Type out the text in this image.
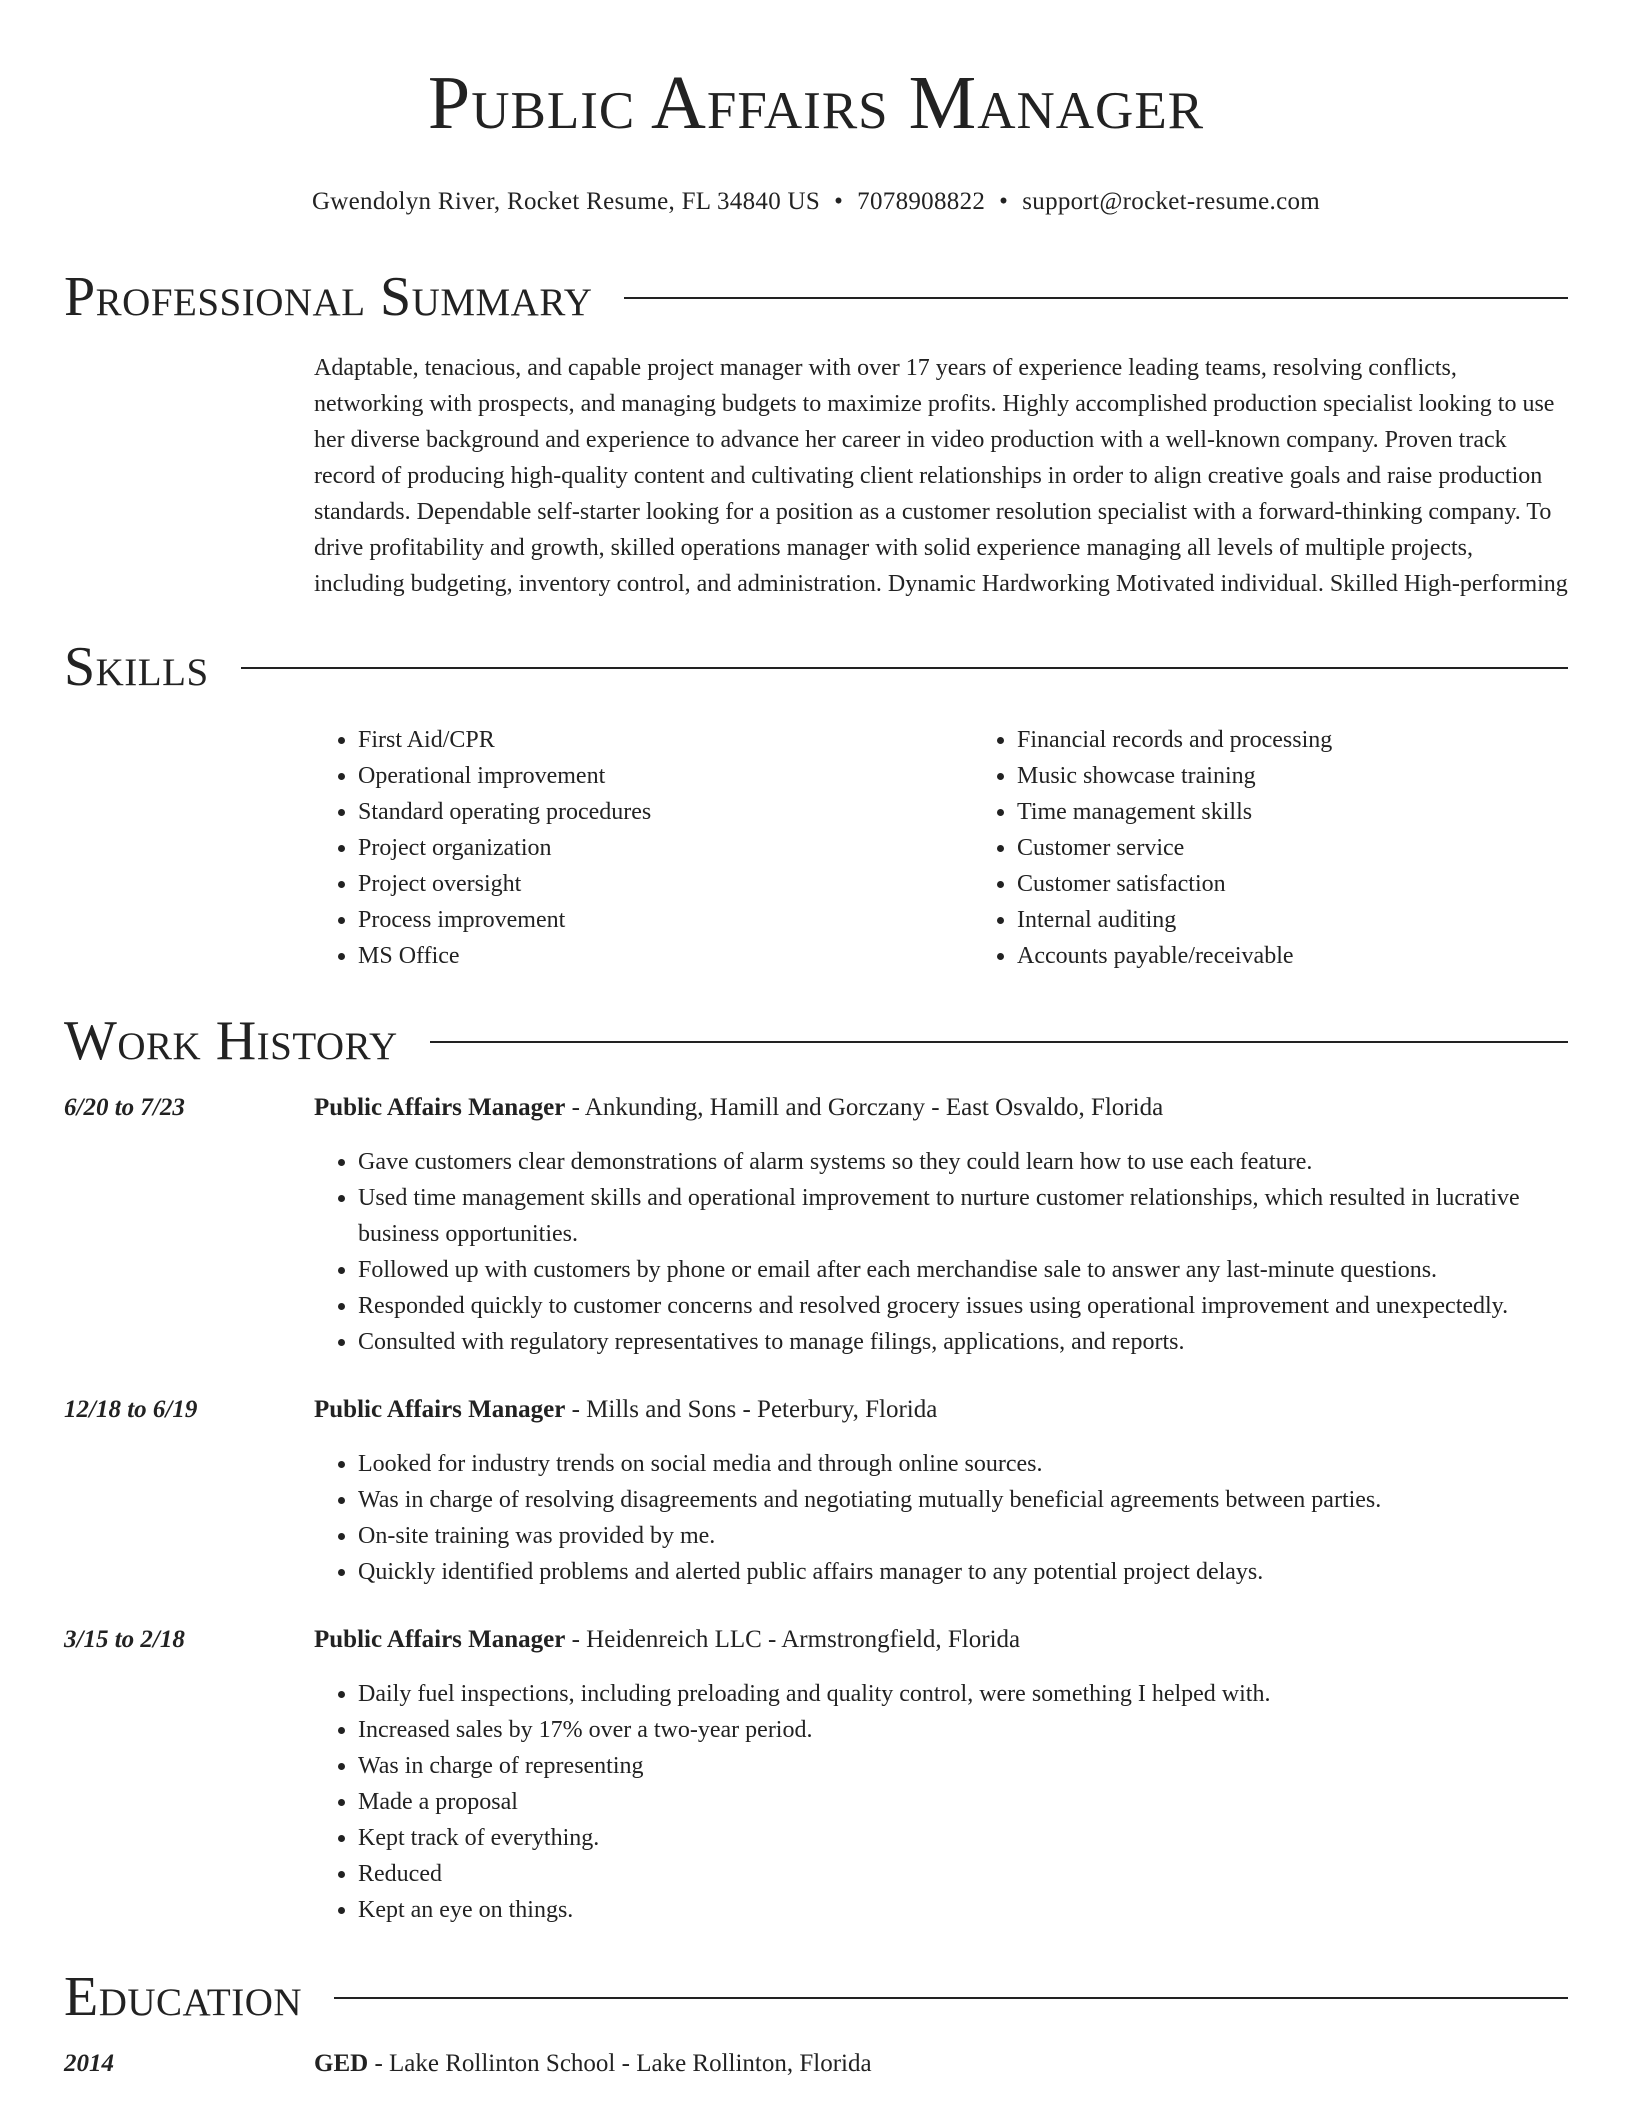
Public Affairs Manager
Gwendolyn River, Rocket Resume, FL 34840 US • 7078908822 • support@rocket-resume.com
Professional Summary
Adaptable, tenacious, and capable project manager with over 17 years of experience leading teams, resolving conflicts, networking with prospects, and managing budgets to maximize profits. Highly accomplished production specialist looking to use her diverse background and experience to advance her career in video production with a well-known company. Proven track record of producing high-quality content and cultivating client relationships in order to align creative goals and raise production standards. Dependable self-starter looking for a position as a customer resolution specialist with a forward-thinking company. To drive profitability and growth, skilled operations manager with solid experience managing all levels of multiple projects, including budgeting, inventory control, and administration. Dynamic Hardworking Motivated individual. Skilled High-performing
Skills
• First Aid/CPR
• Operational improvement
• Standard operating procedures
• Project organization
• Project oversight
• Process improvement
• MS Office
• Financial records and processing
• Music showcase training
• Time management skills
• Customer service
• Customer satisfaction
• Internal auditing
• Accounts payable/receivable
Work History
6/20 to 7/23	Public Affairs Manager - Ankunding, Hamill and Gorczany - East Osvaldo, Florida
• Gave customers clear demonstrations of alarm systems so they could learn how to use each feature.
• Used time management skills and operational improvement to nurture customer relationships, which resulted in lucrative business opportunities.
• Followed up with customers by phone or email after each merchandise sale to answer any last-minute questions.
• Responded quickly to customer concerns and resolved grocery issues using operational improvement and unexpectedly.
• Consulted with regulatory representatives to manage filings, applications, and reports.
12/18 to 6/19	Public Affairs Manager - Mills and Sons - Peterbury, Florida
• Looked for industry trends on social media and through online sources.
• Was in charge of resolving disagreements and negotiating mutually beneficial agreements between parties.
• On-site training was provided by me.
• Quickly identified problems and alerted public affairs manager to any potential project delays.
3/15 to 2/18	Public Affairs Manager - Heidenreich LLC - Armstrongfield, Florida
• Daily fuel inspections, including preloading and quality control, were something I helped with.
• Increased sales by 17% over a two-year period.
• Was in charge of representing
• Made a proposal
• Kept track of everything.
• Reduced
• Kept an eye on things.
Education
2014	GED - Lake Rollinton School - Lake Rollinton, Florida
